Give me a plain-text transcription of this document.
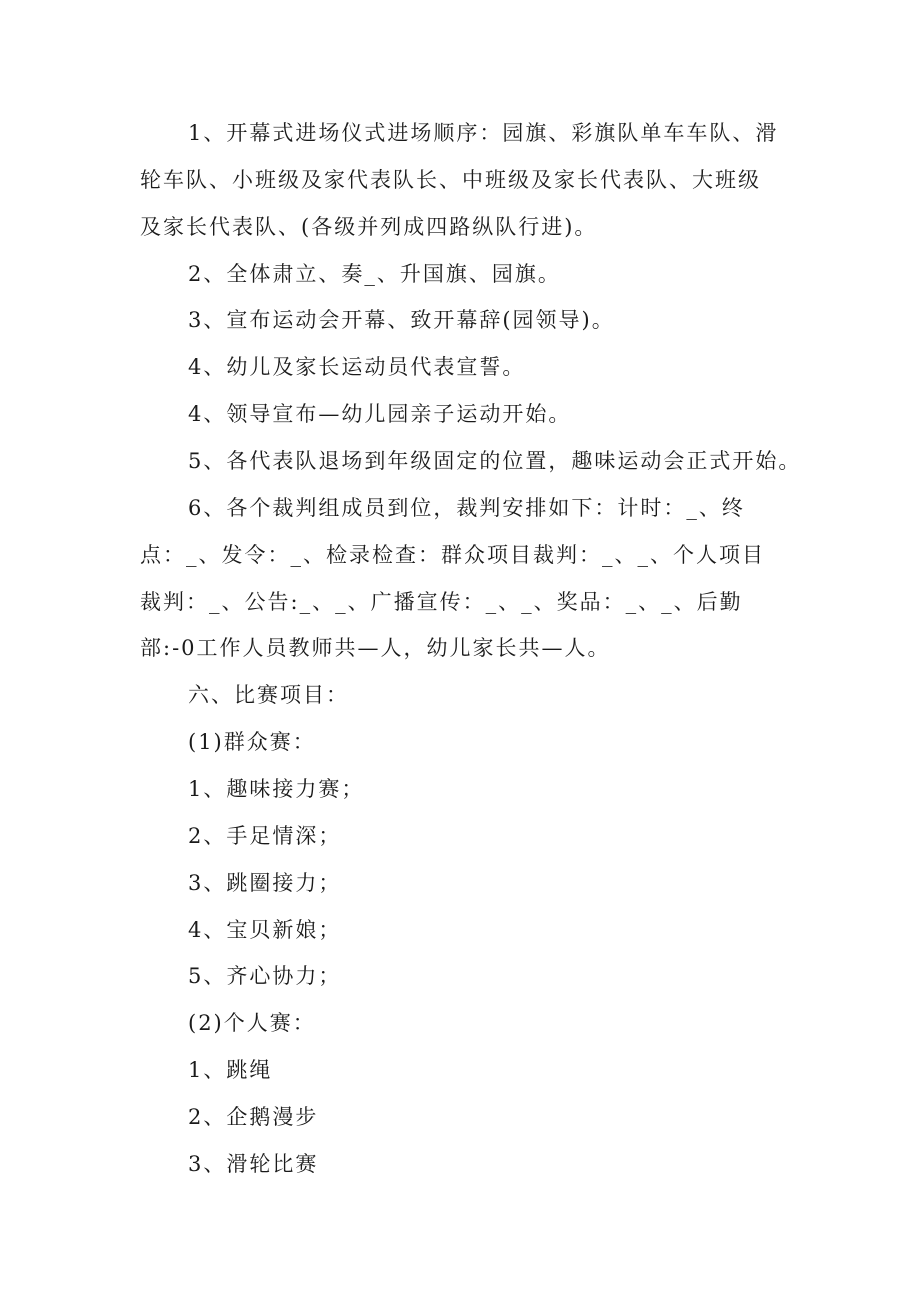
1、开幕式进场仪式进场顺序：园旗、彩旗队单车车队、滑
轮车队、小班级及家代表队长、中班级及家长代表队、大班级
及家长代表队、(各级并列成四路纵队行进)。
2、全体肃立、奏_、升国旗、园旗。
3、宣布运动会开幕、致开幕辞(园领导)。
4、幼儿及家长运动员代表宣誓。
4、领导宣布—幼儿园亲子运动开始。
5、各代表队退场到年级固定的位置，趣味运动会正式开始。
6、各个裁判组成员到位，裁判安排如下：计时：_、终
点：_、发令：_、检录检查：群众项目裁判：_、_、个人项目
裁判：_、公告:_、_、广播宣传：_、_、奖品：_、_、后勤
部:-0工作人员教师共—人，幼儿家长共—人。
六、比赛项目：
(1)群众赛：
1、趣味接力赛；
2、手足情深；
3、跳圈接力；
4、宝贝新娘；
5、齐心协力；
(2)个人赛：
1、跳绳
2、企鹅漫步
3、滑轮比赛
